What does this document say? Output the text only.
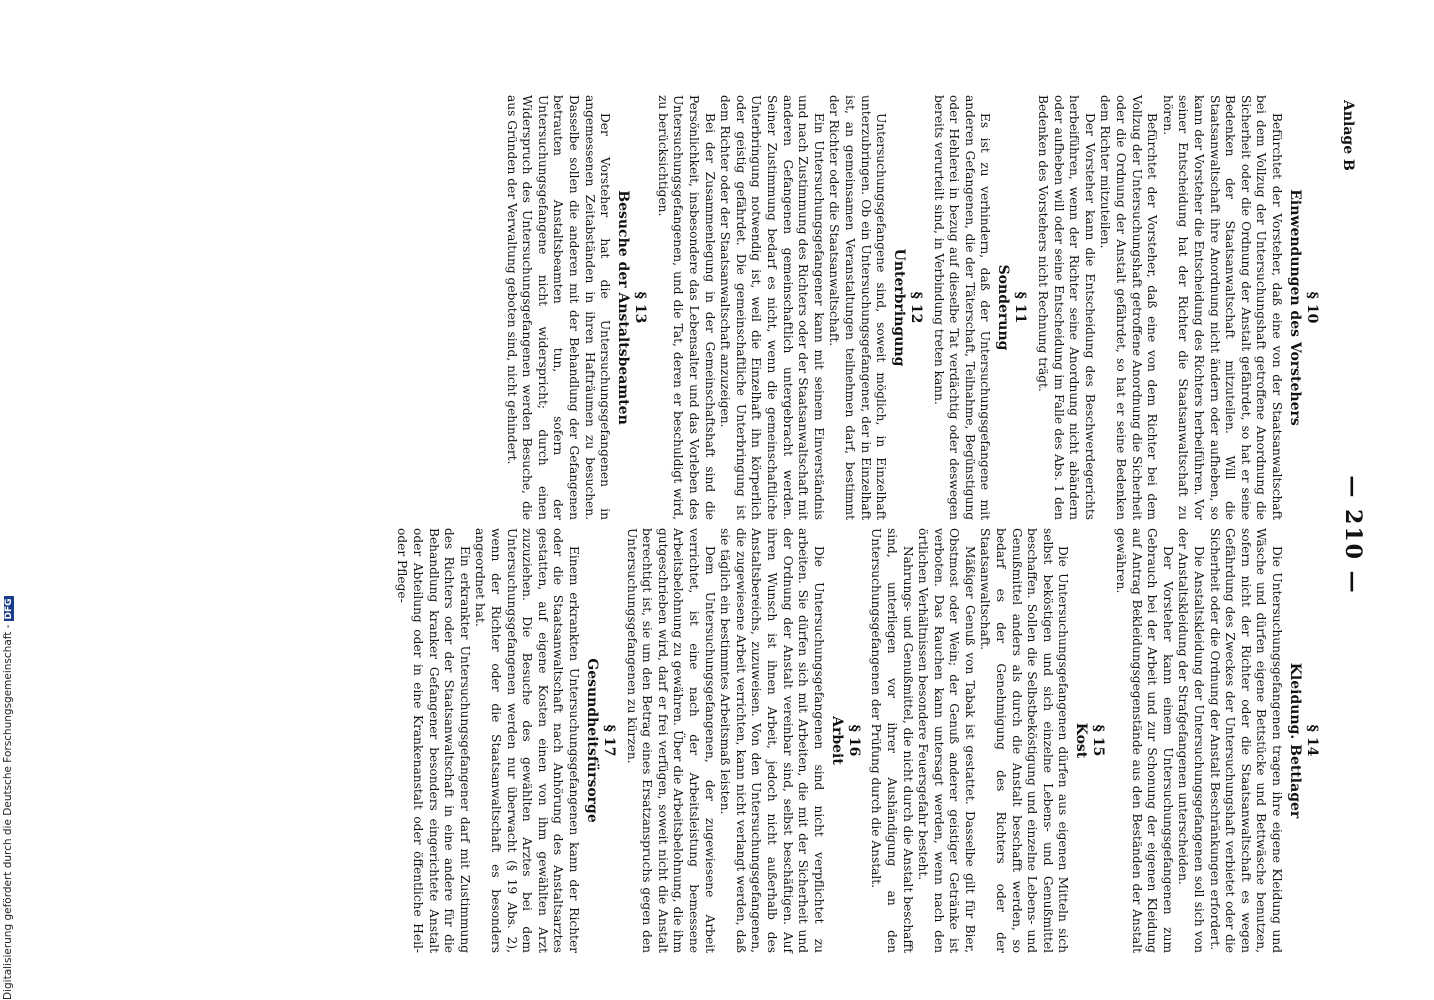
Anlage B
— 210 —
§ 10
Einwendungen des Vorstehers

Befürchtet der Vorsteher, daß eine von der Staatsanwaltschaft bei dem Vollzug der Untersuchungshaft getroffene Anordnung die Sicherheit oder die Ordnung der Anstalt gefährdet, so hat er seine Bedenken der Staatsanwaltschaft mitzuteilen. Will die Staatsanwaltschaft ihre Anordnung nicht ändern oder aufheben, so kann der Vorsteher die Entscheidung des Richters herbeiführen. Vor seiner Entscheidung hat der Richter die Staatsanwaltschaft zu hören.

Befürchtet der Vorsteher, daß eine von dem Richter bei dem Vollzug der Untersuchungshaft getroffene Anordnung die Sicherheit oder die Ordnung der Anstalt gefährdet, so hat er seine Bedenken dem Richter mitzuteilen.

Der Vorsteher kann die Entscheidung des Beschwerdegerichts herbeiführen, wenn der Richter seine Anordnung nicht abändern oder aufheben will oder seine Entscheidung im Falle des Abs. 1 den Bedenken des Vorstehers nicht Rechnung trägt.

§ 11
Sonderung

Es ist zu verhindern, daß der Untersuchungsgefangene mit anderen Gefangenen, die der Täterschaft, Teilnahme, Begünstigung oder Hehlerei in bezug auf dieselbe Tat verdächtig oder deswegen bereits verurteilt sind, in Verbindung treten kann.

§ 12
Unterbringung

Untersuchungsgefangene sind, soweit möglich, in Einzelhaft unterzubringen. Ob ein Untersuchungsgefangener, der in Einzelhaft ist, an gemeinsamen Veranstaltungen teilnehmen darf, bestimmt der Richter oder die Staatsanwaltschaft.

Ein Untersuchungsgefangener kann mit seinem Einverständnis und nach Zustimmung des Richters oder der Staatsanwaltschaft mit anderen Gefangenen gemeinschaftlich untergebracht werden. Seiner Zustimmung bedarf es nicht, wenn die gemeinschaftliche Unterbringung notwendig ist, weil die Einzelhaft ihn körperlich oder geistig gefährdet. Die gemeinschaftliche Unterbringung ist dem Richter oder der Staatsanwaltschaft anzuzeigen.

Bei der Zusammenlegung in der Gemeinschaftshaft sind die Persönlichkeit, insbesondere das Lebensalter und das Vorleben des Untersuchungsgefangenen, und die Tat, deren er beschuldigt wird, zu berücksichtigen.

§ 13
Besuche der Anstaltsbeamten

Der Vorsteher hat die Untersuchungsgefangenen in angemessenen Zeitabständen in ihren Hafträumen zu besuchen. Dasselbe sollen die anderen mit der Behandlung der Gefangenen betrauten Anstaltsbeamten tun, sofern der Untersuchungsgefangene nicht widerspricht; durch einen Widerspruch des Untersuchungsgefangenen werden Besuche, die aus Gründen der Verwaltung geboten sind, nicht gehindert.

§ 14
Kleidung. Bettlager

Die Untersuchungsgefangenen tragen ihre eigene Kleidung und Wäsche und dürfen eigene Bettstücke und Bettwäsche benutzen, sofern nicht der Richter oder die Staatsanwaltschaft es wegen Gefährdung des Zweckes der Untersuchungshaft verbietet oder die Sicherheit oder die Ordnung der Anstalt Beschränkungen erfordert.

Die Anstaltskleidung der Untersuchungsgefangenen soll sich von der Anstaltskleidung der Strafgefangenen unterscheiden.

Der Vorsteher kann einem Untersuchungsgefangenen zum Gebrauch bei der Arbeit und zur Schonung der eigenen Kleidung auf Antrag Bekleidungsgegenstände aus den Beständen der Anstalt gewähren.

§ 15
Kost

Die Untersuchungsgefangenen dürfen aus eigenen Mitteln sich selbst beköstigen und sich einzelne Lebens- und Genußmittel beschaffen. Sollen die Selbstbeköstigung und einzelne Lebens- und Genußmittel anders als durch die Anstalt beschafft werden, so bedarf es der Genehmigung des Richters oder der Staatsanwaltschaft.

Mäßiger Genuß von Tabak ist gestattet. Dasselbe gilt für Bier, Obstmost oder Wein; der Genuß anderer geistiger Getränke ist verboten. Das Rauchen kann untersagt werden, wenn nach den örtlichen Verhältnissen besondere Feuersgefahr besteht.

Nahrungs- und Genußmittel, die nicht durch die Anstalt beschafft sind, unterliegen vor ihrer Aushändigung an den Untersuchungsgefangenen der Prüfung durch die Anstalt.

§ 16
Arbeit

Die Untersuchungsgefangenen sind nicht verpflichtet zu arbeiten. Sie dürfen sich mit Arbeiten, die mit der Sicherheit und der Ordnung der Anstalt vereinbar sind, selbst beschäftigen. Auf ihren Wunsch ist ihnen Arbeit, jedoch nicht außerhalb des Anstaltsbereichs, zuzuweisen. Von den Untersuchungsgefangenen, die zugewiesene Arbeit verrichten, kann nicht verlangt werden, daß sie täglich ein bestimmtes Arbeitsmaß leisten.

Dem Untersuchungsgefangenen, der zugewiesene Arbeit verrichtet, ist eine nach der Arbeitsleistung bemessene Arbeitsbelohnung zu gewähren. Über die Arbeitsbelohnung, die ihm gutgeschrieben wird, darf er frei verfügen, soweit nicht die Anstalt berechtigt ist, sie um den Betrag eines Ersatzanspruchs gegen den Untersuchungsgefangenen zu kürzen.

§ 17
Gesundheitsfürsorge

Einem erkrankten Untersuchungsgefangenen kann der Richter oder die Staatsanwaltschaft nach Anhörung des Anstaltsarztes gestatten, auf eigene Kosten einen von ihm gewählten Arzt zuzuziehen. Die Besuche des gewählten Arztes bei dem Untersuchungsgefangenen werden nur überwacht (§ 19 Abs. 2), wenn der Richter oder die Staatsanwaltschaft es besonders angeordnet hat.

Ein erkrankter Untersuchungsgefangener darf mit Zustimmung des Richters oder der Staatsanwaltschaft in eine andere für die Behandlung kranker Gefangener besonders eingerichtete Anstalt oder Abteilung oder in eine Krankenanstalt oder öffentliche Heil- oder Pflege-

Digitalisierung gefördert durch die Deutsche Forschungsgemeinschaft -DFG
